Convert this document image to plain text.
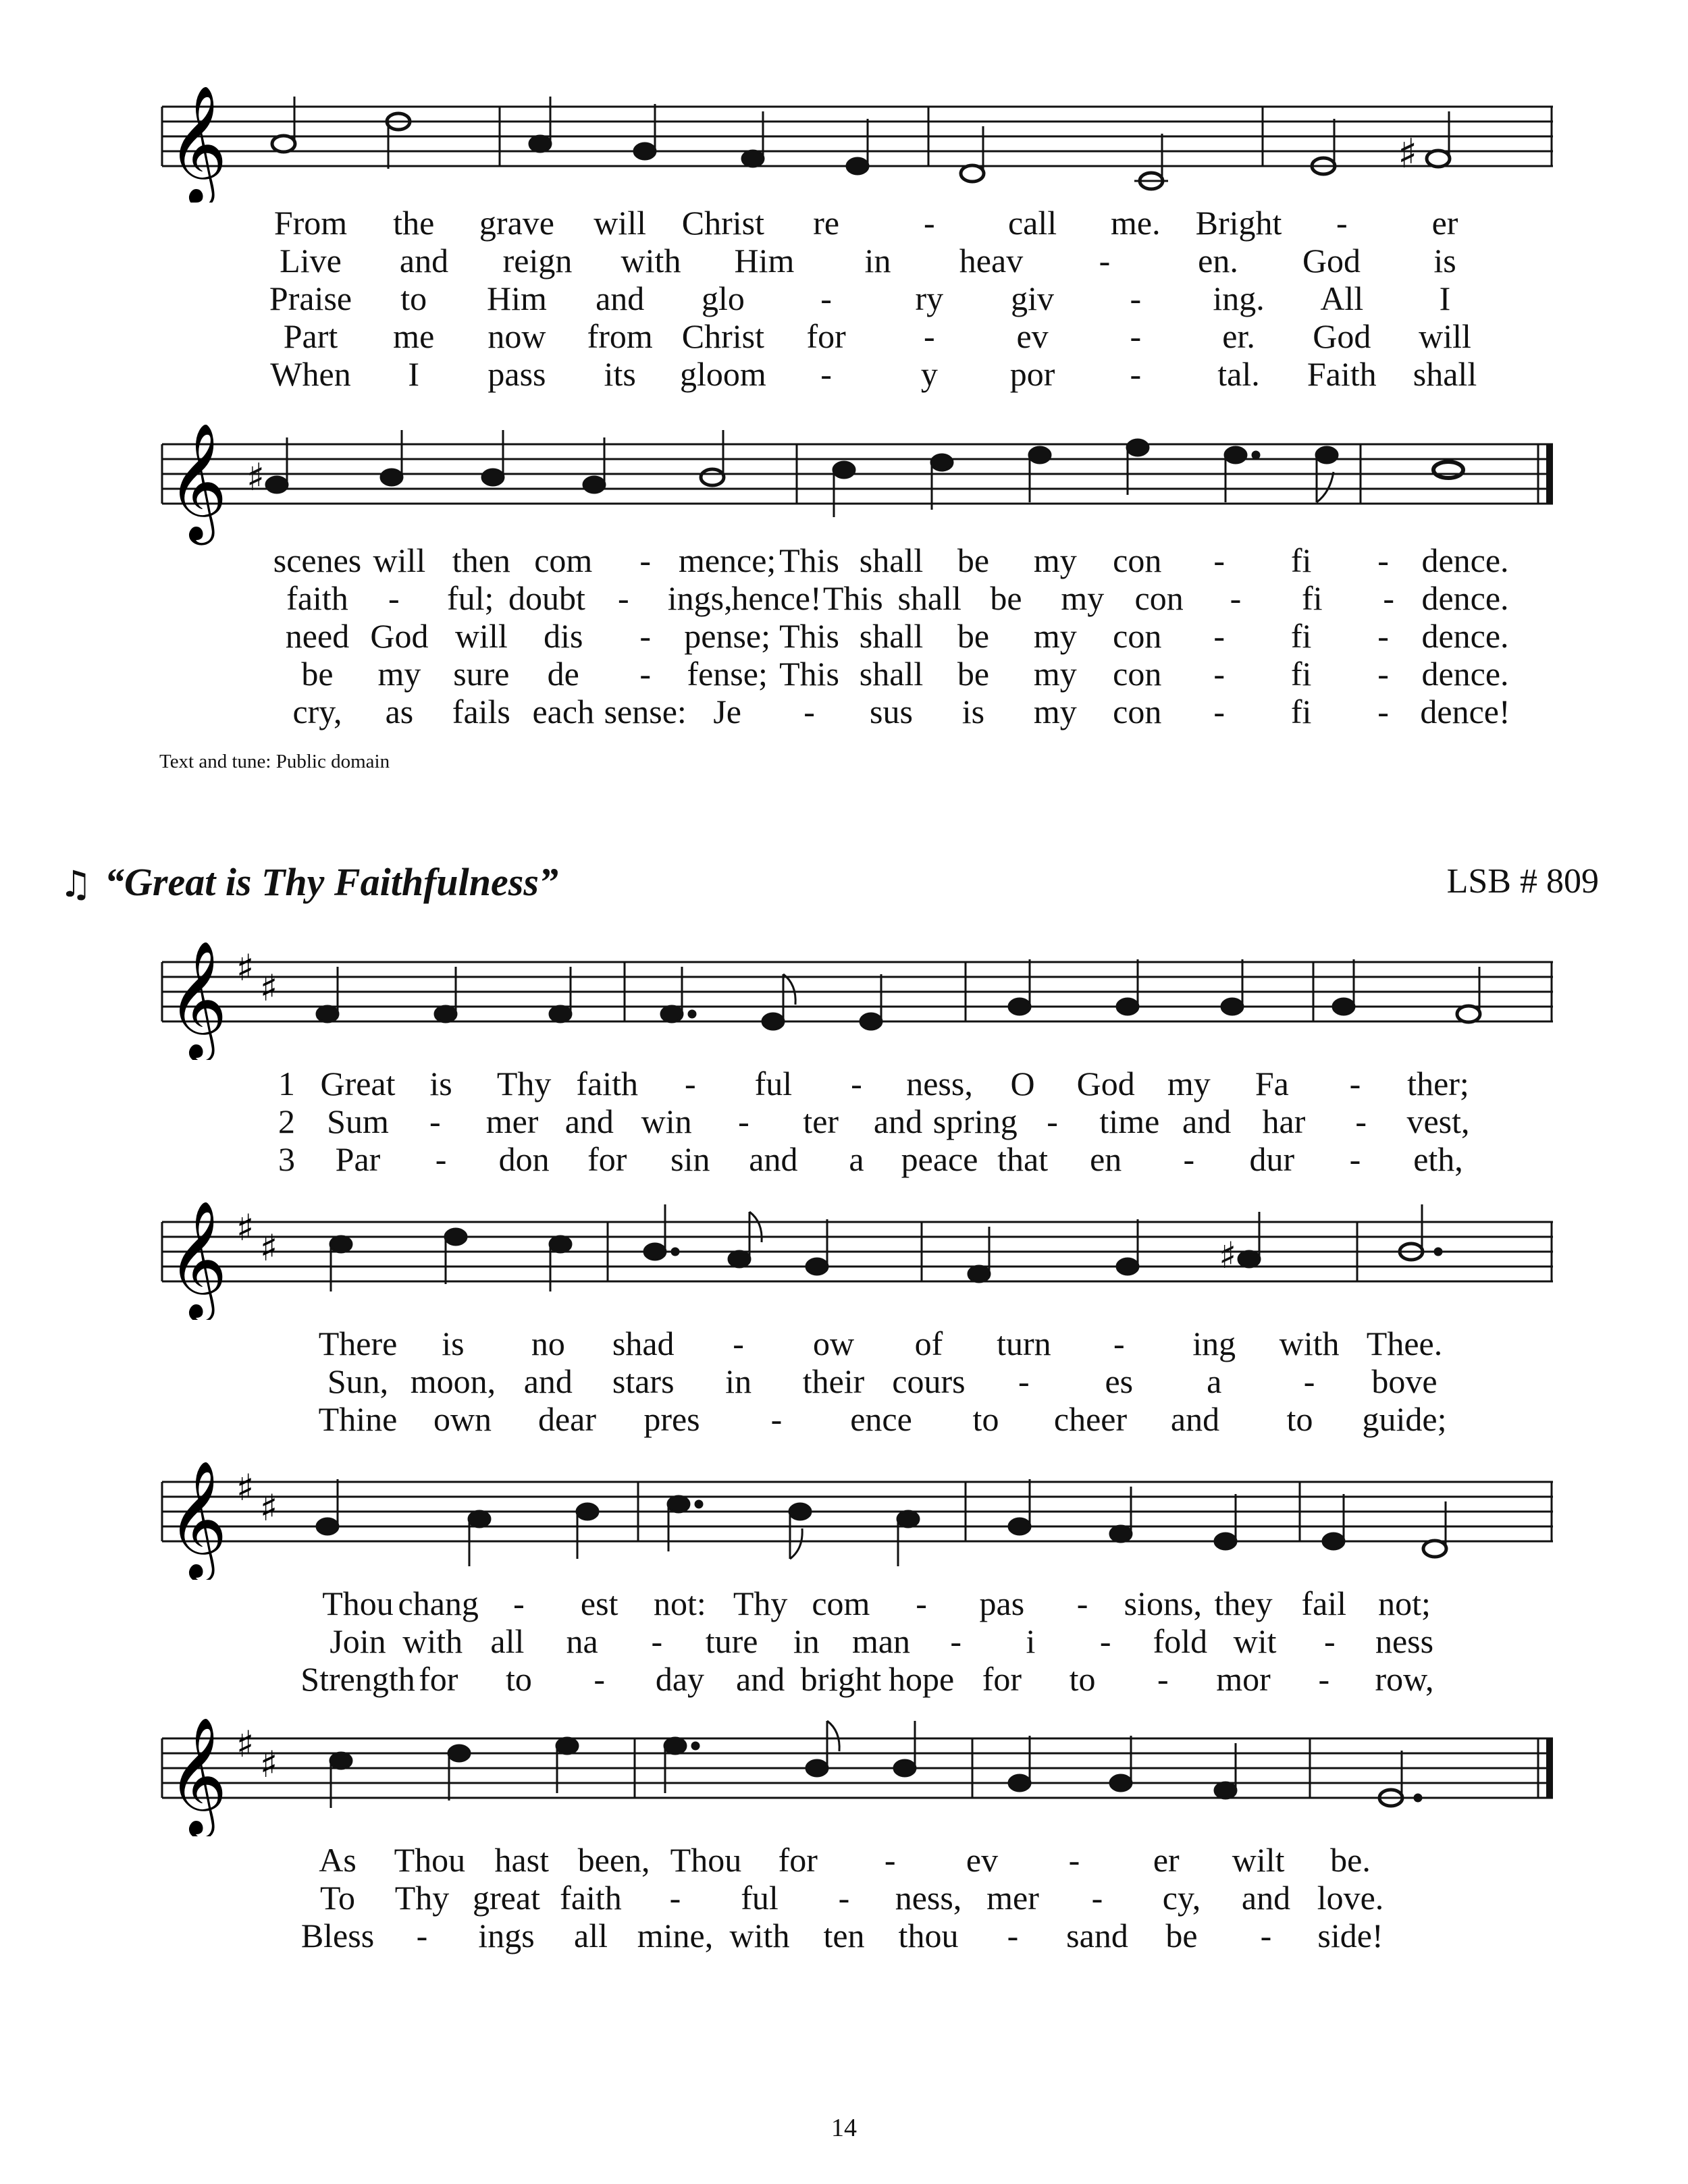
𝄞	♯
From the grave will Christ re - call me. Bright - er
Live and reign with Him in heav -	en. God is
Praise to Him and glo - ry giv - ing. All I
Part me now from Christ for - ev - er. God will
When I pass its gloom -	y por - tal. Faith shall
𝄞 ♯
scenes will then com - mence; This shall be my con - fi - dence.
faith - ful; doubt - ings,
hence! This shall be my con - fi - dence.
need God will dis - pense; This shall be my con - fi - dence.
be my sure de - fense; This shall be my con - fi - dence.
cry, as fails each sense: Je - sus is my con - fi - dence!
Text and tune: Public domain
♫ “Great is Thy Faithfulness”	LSB # 809
𝄞 ♯ ♯
Great is Thy faith - ful - ness, O God my Fa - ther;
Sum - mer and win - ter and spring - time and har - vest,
Par - don for sin and a peace that en - dur - eth,
𝄞 ♯ ♯	♯
There is no shad - ow of turn - ing with Thee.
Sun, moon, and stars in their cours - es a - bove
Thine own dear pres - ence to cheer and to guide;
𝄞 ♯ ♯
Thou chang - est not: Thy com - pas - sions, they fail not;
Join with all na - ture in man - i - fold wit - ness
Strength for to - day and bright hope for to - mor - row,
𝄞 ♯ ♯
As Thou hast been, Thou for - ev - er wilt be.
To Thy great faith - ful - ness, mer - cy, and love.
Bless - ings all mine, with ten thou - sand be - side!
14
1
2
3
